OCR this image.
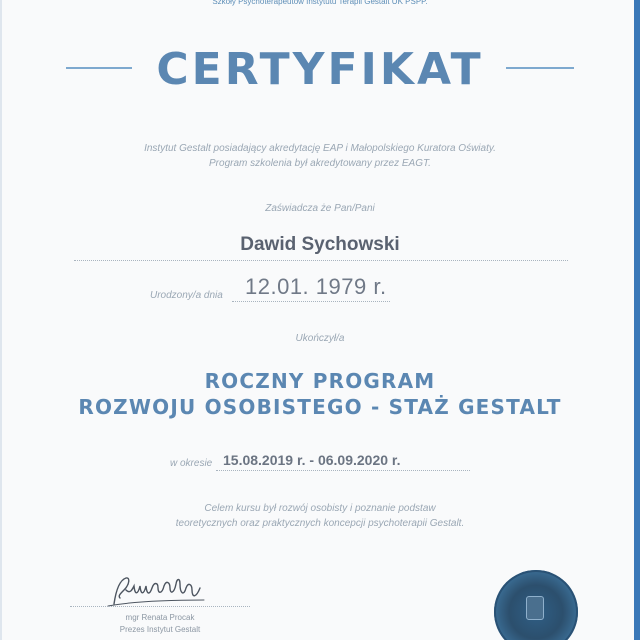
Szkoły Psychoterapeutów Instytutu Terapii Gestalt UK PSPP.
CERTYFIKAT
Instytut Gestalt posiadający akredytację EAP i Małopolskiego Kuratora Oświaty.
Program szkolenia był akredytowany przez EAGT.
Zaświadcza że Pan/Pani
Dawid Sychowski
Urodzony/a dnia 12.01. 1979 r.
Ukończył/a
ROCZNY PROGRAM
ROZWOJU OSOBISTEGO - STAŻ GESTALT
w okresie 15.08.2019 r. - 06.09.2020 r.
Celem kursu był rozwój osobisty i poznanie podstaw
teoretycznych oraz praktycznych koncepcji psychoterapii Gestalt.
mgr Renata Procak
Prezes Instytut Gestalt
